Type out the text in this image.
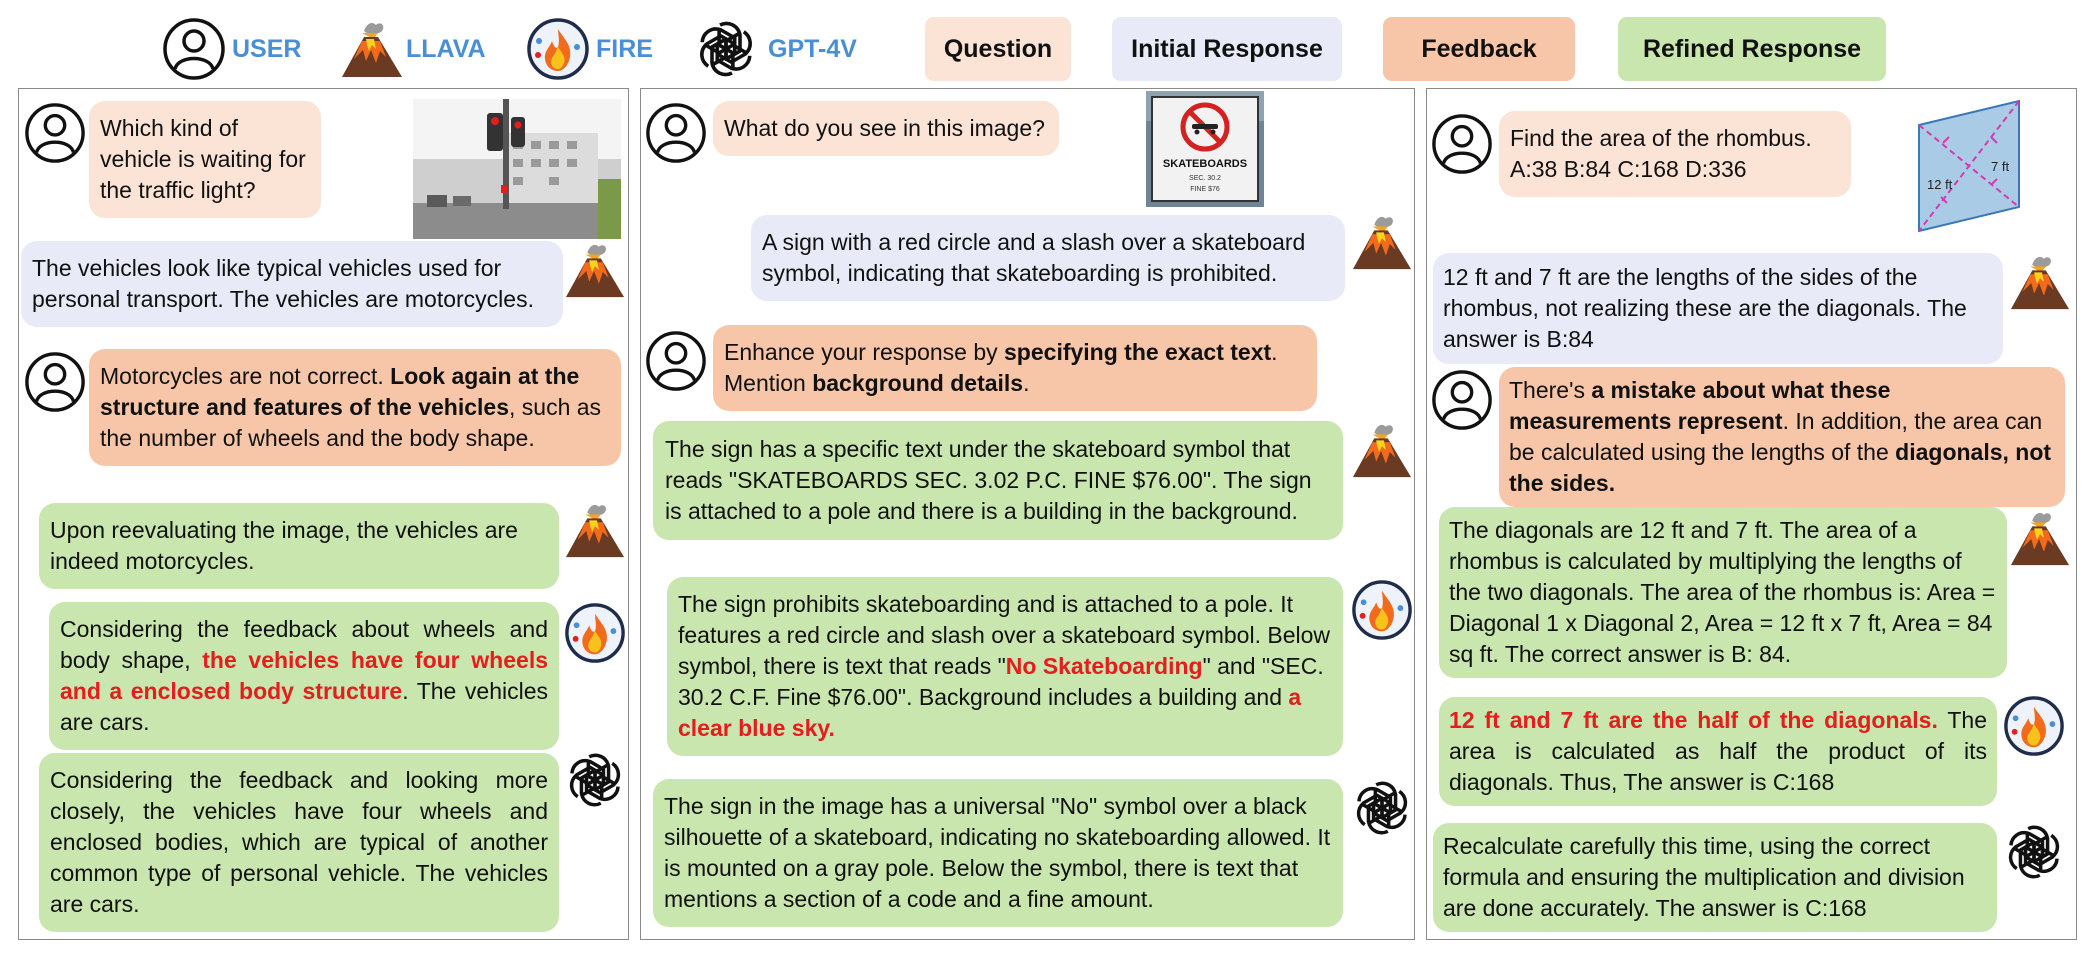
USER	LLAVA	FIRE	GPT-4V	Question	Initial Response	Feedback	Refined Response
Which kind of vehicle is waiting for the traffic light?
The vehicles look like typical vehicles used for personal transport. The vehicles are motorcycles.
Motorcycles are not correct. Look again at the structure and features of the vehicles, such as the number of wheels and the body shape.
Upon reevaluating the image, the vehicles are indeed motorcycles.
Considering the feedback about wheels and body shape, the vehicles have four wheels and a enclosed body structure. The vehicles are cars.
Considering the feedback and looking more closely, the vehicles have four wheels and enclosed bodies, which are typical of another common type of personal vehicle. The vehicles are cars.
What do you see in this image?
SKATEBOARDS
SEC. 30.2
FINE $76
A sign with a red circle and a slash over a skateboard symbol, indicating that skateboarding is prohibited.
Enhance your response by specifying the exact text. Mention background details.
The sign has a specific text under the skateboard symbol that reads "SKATEBOARDS SEC. 3.02 P.C. FINE $76.00". The sign is attached to a pole and there is a building in the background.
The sign prohibits skateboarding and is attached to a pole. It features a red circle and slash over a skateboard symbol. Below symbol, there is text that reads "No Skateboarding" and "SEC. 30.2 C.F. Fine $76.00". Background includes a building and a clear blue sky.
The sign in the image has a universal "No" symbol over a black silhouette of a skateboard, indicating no skateboarding allowed. It is mounted on a gray pole. Below the symbol, there is text that mentions a section of a code and a fine amount.
Find the area of the rhombus.
A:38 B:84 C:168 D:336
12 ft
7 ft
12 ft and 7 ft are the lengths of the sides of the rhombus, not realizing these are the diagonals. The answer is B:84
There's a mistake about what these measurements represent. In addition, the area can be calculated using the lengths of the diagonals, not the sides.
The diagonals are 12 ft and 7 ft. The area of a rhombus is calculated by multiplying the lengths of the two diagonals. The area of the rhombus is: Area = Diagonal 1 x Diagonal 2, Area = 12 ft x 7 ft, Area = 84 sq ft. The correct answer is B: 84.
12 ft and 7 ft are the half of the diagonals. The area is calculated as half the product of its diagonals. Thus, The answer is C:168
Recalculate carefully this time, using the correct formula and ensuring the multiplication and division are done accurately. The answer is C:168
